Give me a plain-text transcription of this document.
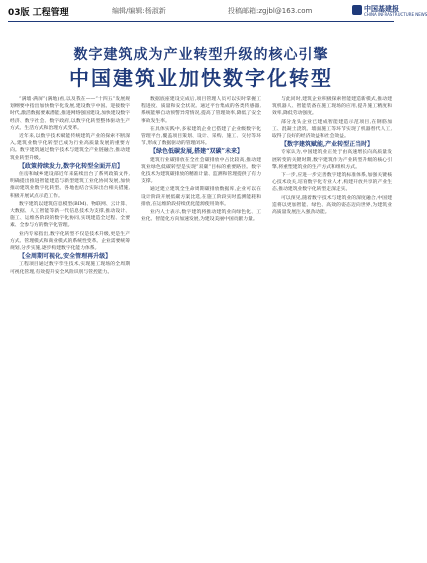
03版 工程管理	编辑/编辑:杨淑新	投稿邮箱:zgjbl@163.com	中国基建报
CHINA INFRASTRUCTURE NEWS
数字建筑成为产业转型升级的核心引擎
中国建筑业加快数字化转型

“满墙·满屏”(满地)看,以及我在——“十四五”发展规划纲要中指出加快数字化发展,建设数字中国。迎接数字时代,激活数据要素潜能,推进网络强国建设,加快建设数字经济、数字社会、数字政府,以数字化转型整体驱动生产方式、生活方式和治理方式变革。

近年来,以数字技术赋能传统建筑产业的探索不断深入,建筑业数字化转型已成为行业高质量发展的重要方向。数字建筑通过数字技术与建筑全产业链融合,推动建筑业转型升级。

【政策持续发力,数字化转型全面开启】

住房和城乡建设部近年来陆续出台了系列政策文件,明确提出推进智能建造与新型建筑工业化协同发展,加快推动建筑业数字化转型。各地也结合实际出台相关措施,积极开展试点示范工作。

数字建筑以建筑信息模型(BIM)、物联网、云计算、大数据、人工智能等新一代信息技术为支撑,推动设计、施工、运维各阶段的数字化协同,实现建造全过程、全要素、全参与方的数字化管理。

业内专家指出,数字化转型不仅是技术升级,更是生产方式、管理模式和商业模式的系统性变革。企业需要统筹规划,分步实施,逐步构建数字化能力体系。

【全周期可视化,安全管理再升级】

工程项目通过数字孪生技术,实现施工现场的全周期可视化管理,有效提升安全风险识别与管控能力。

数据底座建设完成后,项目管理人员可以实时掌握工程进度、质量和安全状况。通过平台集成的各类传感器,系统能够自动预警异常情况,提高了管理效率,降低了安全事故发生率。

在具体实践中,多家建筑企业已搭建了企业级数字化管理平台,覆盖项目策划、设计、采购、施工、交付等环节,形成了数据驱动的管理闭环。

【绿色低碳发展,搭建“双碳”未来】

建筑行业碳排放在全社会碳排放中占比较高,推动建筑业绿色低碳转型是实现“双碳”目标的重要路径。数字化技术为建筑碳排放的精准计量、监测和管理提供了有力支撑。

通过建立建筑全生命周期碳排放数据库,企业可以在设计阶段开展低碳方案比选,在施工阶段实时监测能耗和排放,在运维阶段持续优化能源使用效率。

业内人士表示,数字建筑将推动建筑业向绿色化、工业化、智能化方向加速发展,为建设美丽中国贡献力量。

与此同时,建筑企业积极探索智能建造新模式,推动建筑机器人、智能装备在施工现场的应用,提升施工精度和效率,降低劳动强度。

部分龙头企业已建成智能建造示范项目,在钢筋加工、混凝土浇筑、墙面施工等环节实现了机器替代人工,取得了良好的经济效益和社会效益。

【数字建筑赋能,产业转型正当时】

专家认为,中国建筑业正处于由高速增长向高质量发展转变的关键时期,数字建筑作为产业转型升级的核心引擎,将重塑建筑业的生产方式和组织方式。

下一步,应进一步完善数字建筑标准体系,加强关键核心技术攻关,培育数字化专业人才,构建开放共享的产业生态,推动建筑业数字化转型走深走实。

可以预见,随着数字技术与建筑业的深度融合,中国建造将以更加智能、绿色、高效的姿态迈向世界,为建筑业高质量发展注入强劲动能。
